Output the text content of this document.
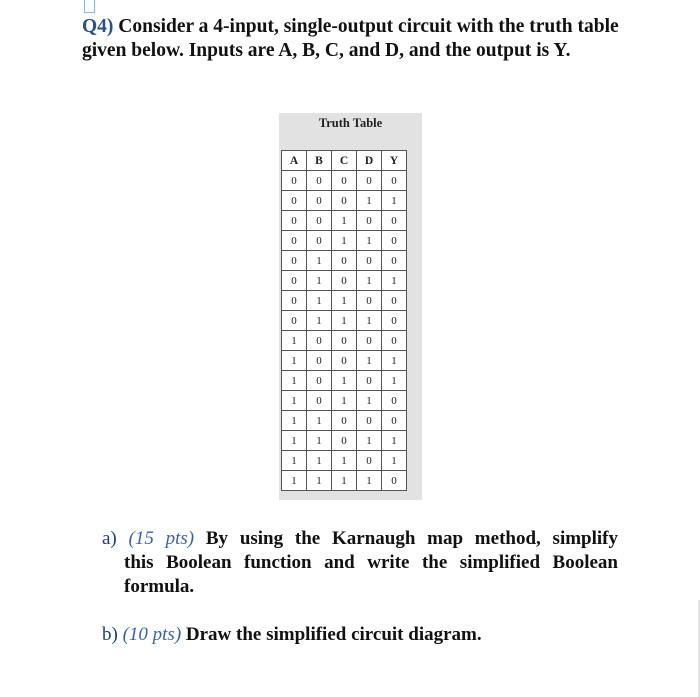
Q4) Consider a 4-input, single-output circuit with the truth table given below. Inputs are A, B, C, and D, and the output is Y.

Truth Table
A	B	C	D	Y
0	0	0	0	0
0	0	0	1	1
0	0	1	0	0
0	0	1	1	0
0	1	0	0	0
0	1	0	1	1
0	1	1	0	0
0	1	1	1	0
1	0	0	0	0
1	0	0	1	1
1	0	1	0	1
1	0	1	1	0
1	1	0	0	0
1	1	0	1	1
1	1	1	0	1
1	1	1	1	0

a) (15 pts) By using the Karnaugh map method, simplify
this Boolean function and write the simplified Boolean formula.

b) (10 pts) Draw the simplified circuit diagram.
